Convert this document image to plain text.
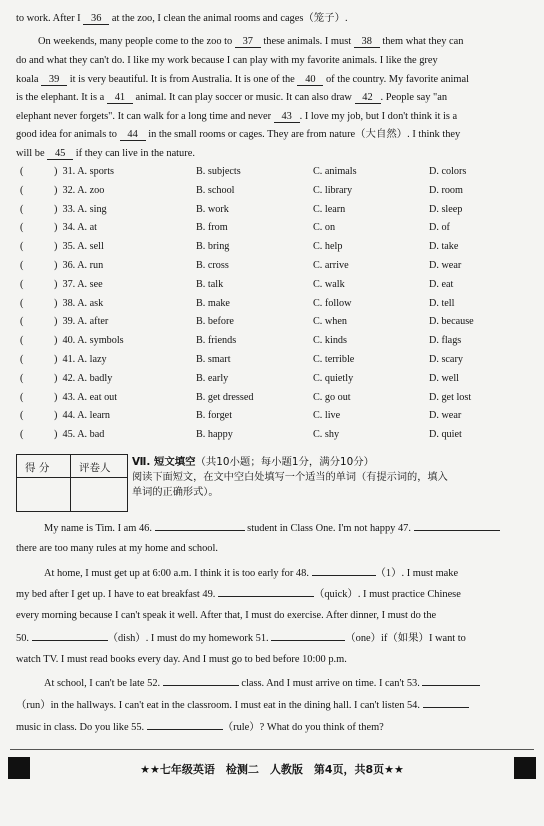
to work. After I 36 at the zoo, I clean the animal rooms and cages（笼子）.
On weekends, many people come to the zoo to 37 these animals. I must 38 them what they can
do and what they can't do. I like my work because I can play with my favorite animals. I like the grey
koala 39 it is very beautiful. It is from Australia. It is one of the 40 of the country. My favorite animal
is the elephant. It is a 41 animal. It can play soccer or music. It can also draw 42 . People say "an
elephant never forgets". It can walk for a long time and never 43 . I love my job, but I don't think it is a
good idea for animals to 44 in the small rooms or cages. They are from nature（大自然）. I think they
will be 45 if they can live in the nature.
(	) 31. A. sports	B. subjects	C. animals	D. colors
(	) 32. A. zoo	B. school	C. library	D. room
(	) 33. A. sing	B. work	C. learn	D. sleep
(	) 34. A. at	B. from	C. on	D. of
(	) 35. A. sell	B. bring	C. help	D. take
(	) 36. A. run	B. cross	C. arrive	D. wear
(	) 37. A. see	B. talk	C. walk	D. eat
(	) 38. A. ask	B. make	C. follow	D. tell
(	) 39. A. after	B. before	C. when	D. because
(	) 40. A. symbols	B. friends	C. kinds	D. flags
(	) 41. A. lazy	B. smart	C. terrible	D. scary
(	) 42. A. badly	B. early	C. quietly	D. well
(	) 43. A. eat out	B. get dressed	C. go out	D. get lost
(	) 44. A. learn	B. forget	C. live	D. wear
(	) 45. A. bad	B. happy	C. shy	D. quiet
得 分	评卷人 Ⅶ. 短文填空（共10小题；每小题1分，满分10分）
阅读下面短文，在文中空白处填写一个适当的单词（有提示词的，填入
单词的正确形式）。
My name is Tim. I am 46.	student in Class One. I'm not happy 47.
there are too many rules at my home and school.
At home, I must get up at 6:00 a.m. I think it is too early for 48.	（1）. I must make
my bed after I get up. I have to eat breakfast 49.	（quick）. I must practice Chinese
every morning because I can't speak it well. After that, I must do exercise. After dinner, I must do the
50.	（dish）. I must do my homework 51.	（one）if（如果）I want to
watch TV. I must read books every day. And I must go to bed before 10:00 p.m.
At school, I can't be late 52.	class. And I must arrive on time. I can't 53.
（run）in the hallways. I can't eat in the classroom. I must eat in the dining hall. I can't listen 54.
music in class. Do you like 55.	（rule）? What do you think of them?
★★七年级英语　检测二　人教版　第4页，共8页★★
